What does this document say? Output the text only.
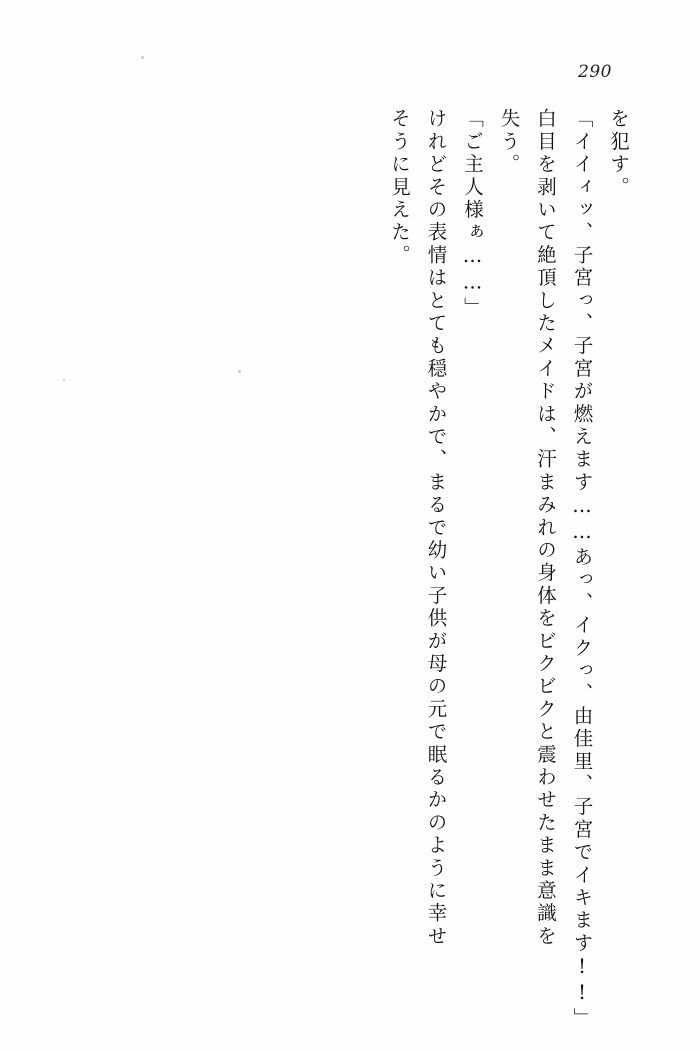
290
そうに見えた。 けれどその表情はとても穏やかで、まるで幼い子供が母の元で眠るかのように幸せ 「ご主人様ぁ……」 失う。 白目を剥いて絶頂したメイドは、汗まみれの身体をビクビクと震わせたまま意識を 「イイィッ、子宮っ、子宮が燃えます……あっ、イクっ、由佳里、子宮でイキます!!」 を犯す。
